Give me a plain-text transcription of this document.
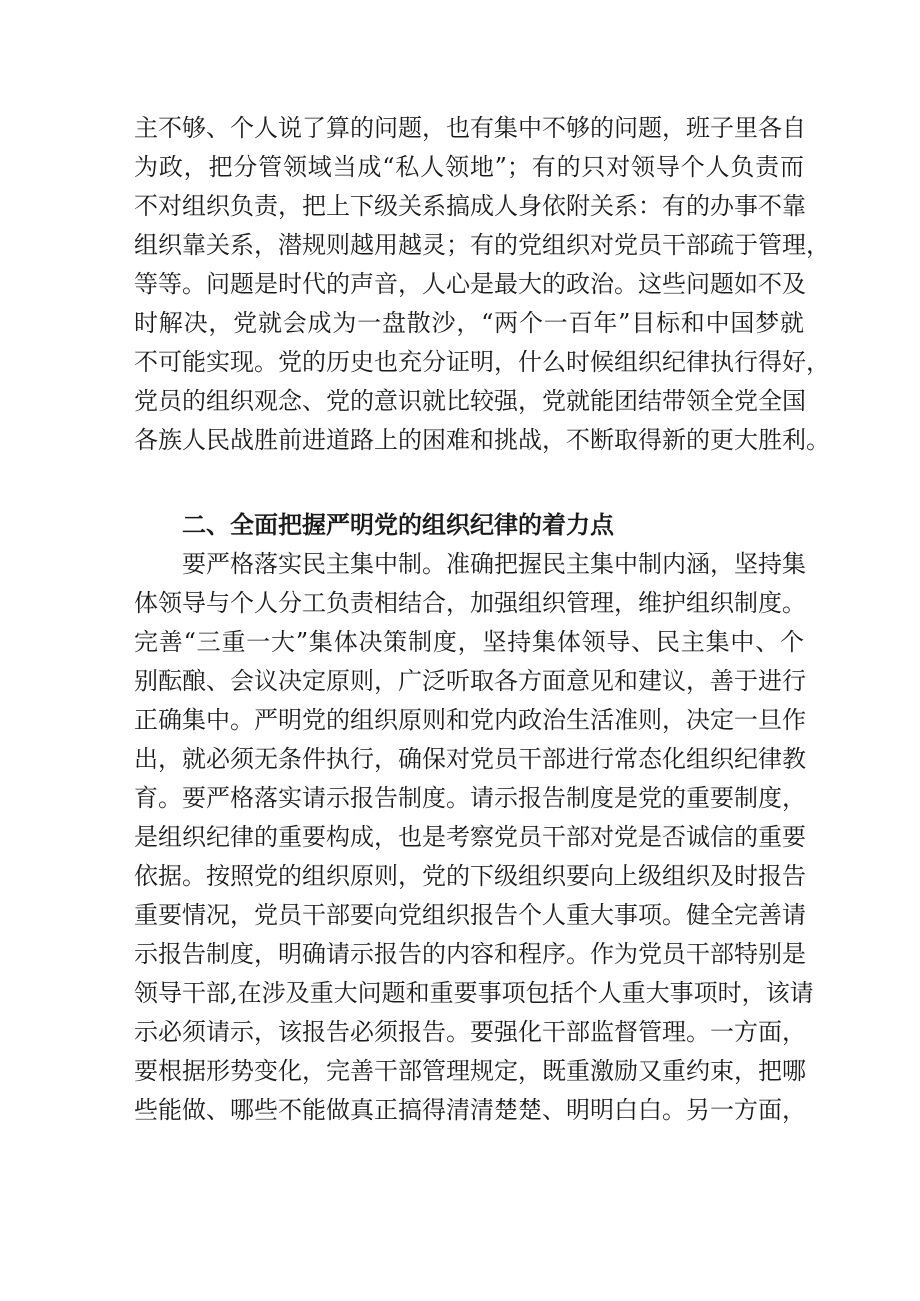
主不够、个人说了算的问题，也有集中不够的问题，班子里各自
为政，把分管领域当成“私人领地”；有的只对领导个人负责而
不对组织负责，把上下级关系搞成人身依附关系：有的办事不靠
组织靠关系，潜规则越用越灵；有的党组织对党员干部疏于管理，
等等。问题是时代的声音，人心是最大的政治。这些问题如不及
时解决，党就会成为一盘散沙，“两个一百年”目标和中国梦就
不可能实现。党的历史也充分证明，什么时候组织纪律执行得好，
党员的组织观念、党的意识就比较强，党就能团结带领全党全国
各族人民战胜前进道路上的困难和挑战，不断取得新的更大胜利。
二、全面把握严明党的组织纪律的着力点
要严格落实民主集中制。准确把握民主集中制内涵，坚持集
体领导与个人分工负责相结合，加强组织管理，维护组织制度。
完善“三重一大”集体决策制度，坚持集体领导、民主集中、个
别酝酿、会议决定原则，广泛听取各方面意见和建议，善于进行
正确集中。严明党的组织原则和党内政治生活准则，决定一旦作
出，就必须无条件执行，确保对党员干部进行常态化组织纪律教
育。要严格落实请示报告制度。请示报告制度是党的重要制度，
是组织纪律的重要构成，也是考察党员干部对党是否诚信的重要
依据。按照党的组织原则，党的下级组织要向上级组织及时报告
重要情况，党员干部要向党组织报告个人重大事项。健全完善请
示报告制度，明确请示报告的内容和程序。作为党员干部特别是
领导干部,在涉及重大问题和重要事项包括个人重大事项时，该请
示必须请示，该报告必须报告。要强化干部监督管理。一方面，
要根据形势变化，完善干部管理规定，既重激励又重约束，把哪
些能做、哪些不能做真正搞得清清楚楚、明明白白。另一方面，
